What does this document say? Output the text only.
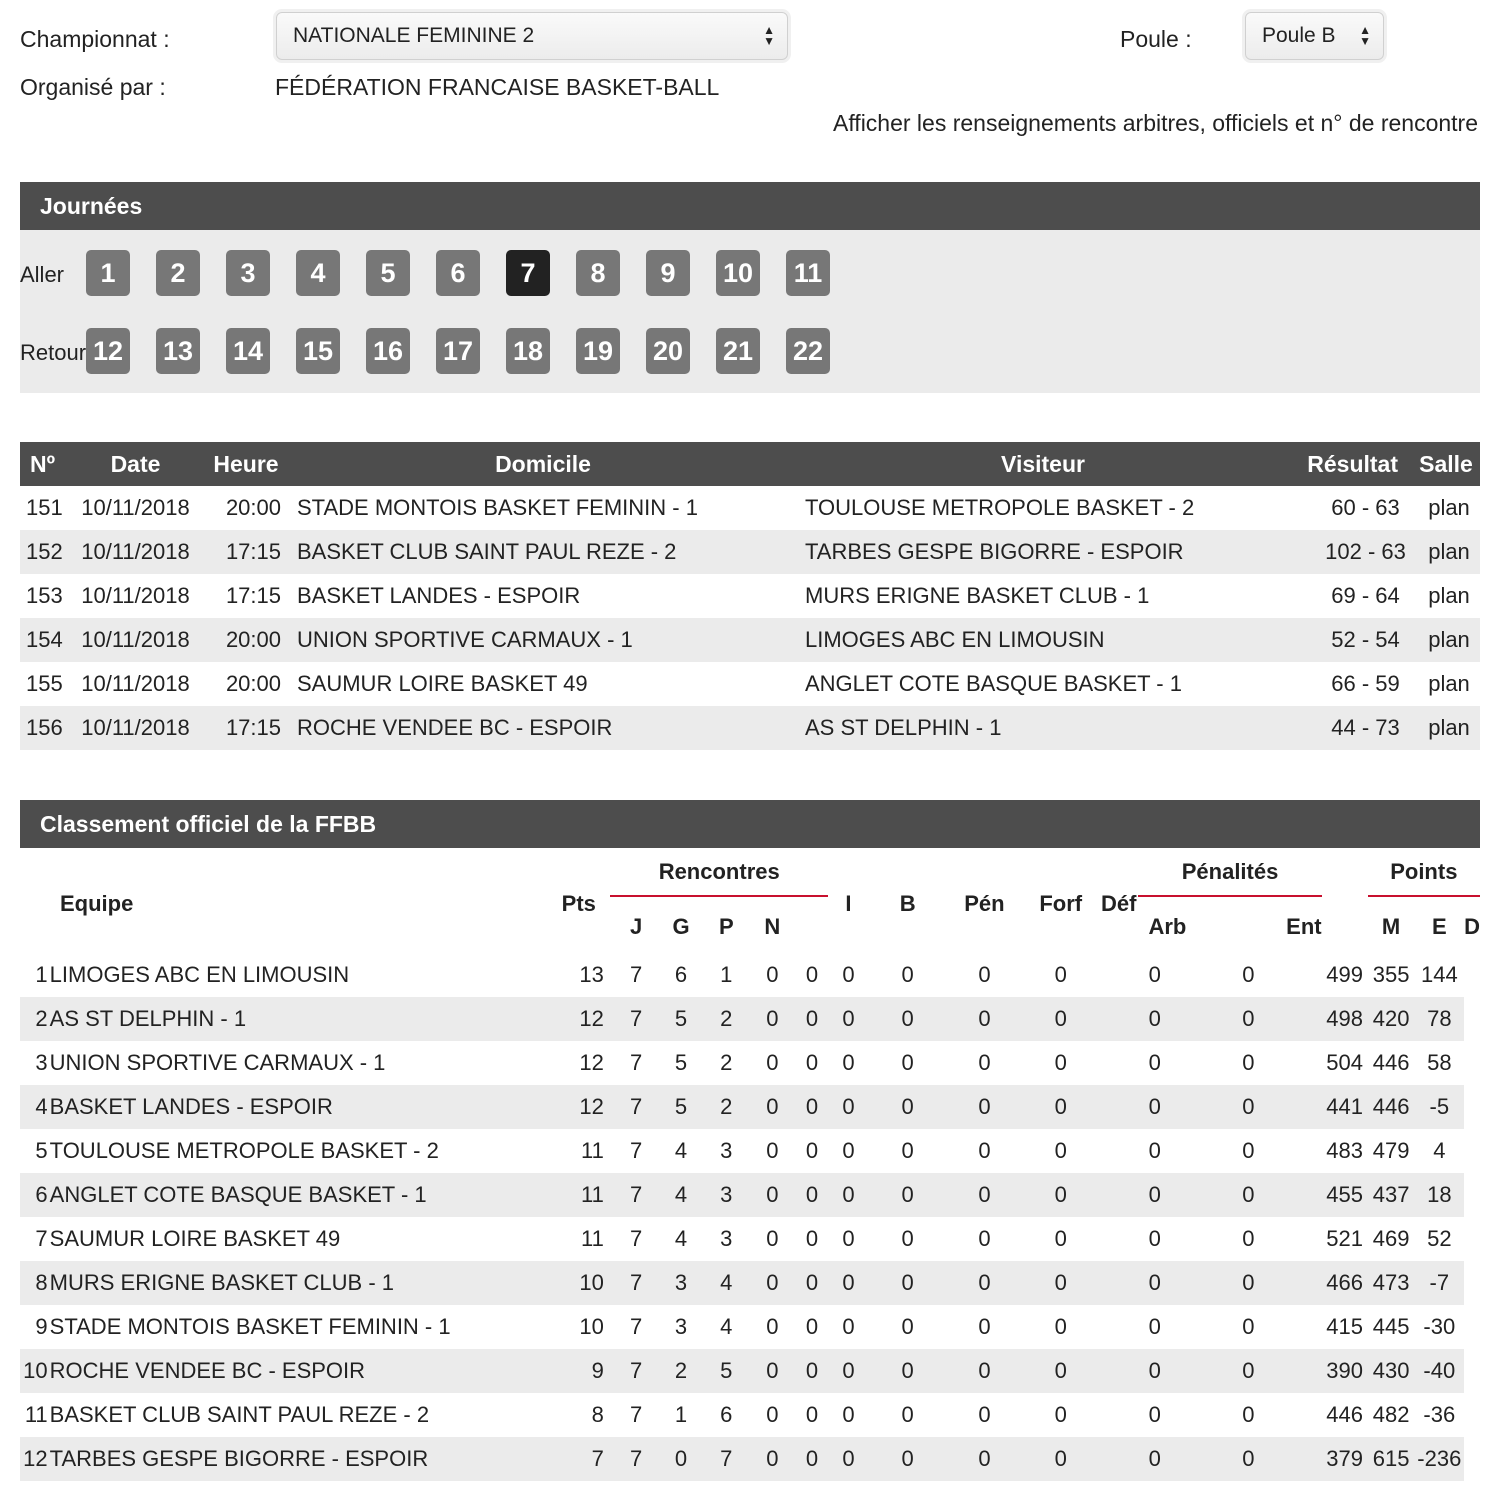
Championnat :	NATIONALE FEMININE 2	▲
▼	Poule :	Poule B ▲
▼
Organisé par :	FÉDÉRATION FRANCAISE BASKET-BALL
Afficher les renseignements arbitres, officiels et n° de rencontre
Journées
Aller
Retour
1	2	3	4	5	6	7	8	9	10 11
12 13 14 15 16 17 18 19 20 21 22
Nº	Date	Heure	Domicile	Visiteur	Résultat	Salle
151	10/11/2018	20:00	STADE MONTOIS BASKET FEMININ - 1	TOULOUSE METROPOLE BASKET - 2	60 - 63	plan
152	10/11/2018	17:15	BASKET CLUB SAINT PAUL REZE - 2	TARBES GESPE BIGORRE - ESPOIR	102 - 63	plan
153	10/11/2018	17:15	BASKET LANDES - ESPOIR	MURS ERIGNE BASKET CLUB - 1	69 - 64	plan
154	10/11/2018	20:00	UNION SPORTIVE CARMAUX - 1	LIMOGES ABC EN LIMOUSIN	52 - 54	plan
155	10/11/2018	20:00	SAUMUR LOIRE BASKET 49	ANGLET COTE BASQUE BASKET - 1	66 - 59	plan
156	10/11/2018	17:15	ROCHE VENDEE BC - ESPOIR	AS ST DELPHIN - 1	44 - 73	plan
Classement officiel de la FFBB
Equipe		Pts		Rencontres				I	B	Pén	Forf	Déf	Pénalités				Points		

			J	G	P	N							Arb		Ent		M	E	D
1	LIMOGES ABC EN LIMOUSIN	13	7	6	1	0	0	0	0	0	0	0		0		499	355	144	
2	AS ST DELPHIN - 1	12	7	5	2	0	0	0	0	0	0	0		0		498	420	78	
3	UNION SPORTIVE CARMAUX - 1	12	7	5	2	0	0	0	0	0	0	0		0		504	446	58	
4	BASKET LANDES - ESPOIR	12	7	5	2	0	0	0	0	0	0	0		0		441	446	-5	
5	TOULOUSE METROPOLE BASKET - 2	11	7	4	3	0	0	0	0	0	0	0		0		483	479	4	
6	ANGLET COTE BASQUE BASKET - 1	11	7	4	3	0	0	0	0	0	0	0		0		455	437	18	
7	SAUMUR LOIRE BASKET 49	11	7	4	3	0	0	0	0	0	0	0		0		521	469	52	
8	MURS ERIGNE BASKET CLUB - 1	10	7	3	4	0	0	0	0	0	0	0		0		466	473	-7	
9	STADE MONTOIS BASKET FEMININ - 1	10	7	3	4	0	0	0	0	0	0	0		0		415	445	-30	
10	ROCHE VENDEE BC - ESPOIR	9	7	2	5	0	0	0	0	0	0	0		0		390	430	-40	
11	BASKET CLUB SAINT PAUL REZE - 2	8	7	1	6	0	0	0	0	0	0	0		0		446	482	-36	
12	TARBES GESPE BIGORRE - ESPOIR	7	7	0	7	0	0	0	0	0	0	0		0		379	615	-236	
